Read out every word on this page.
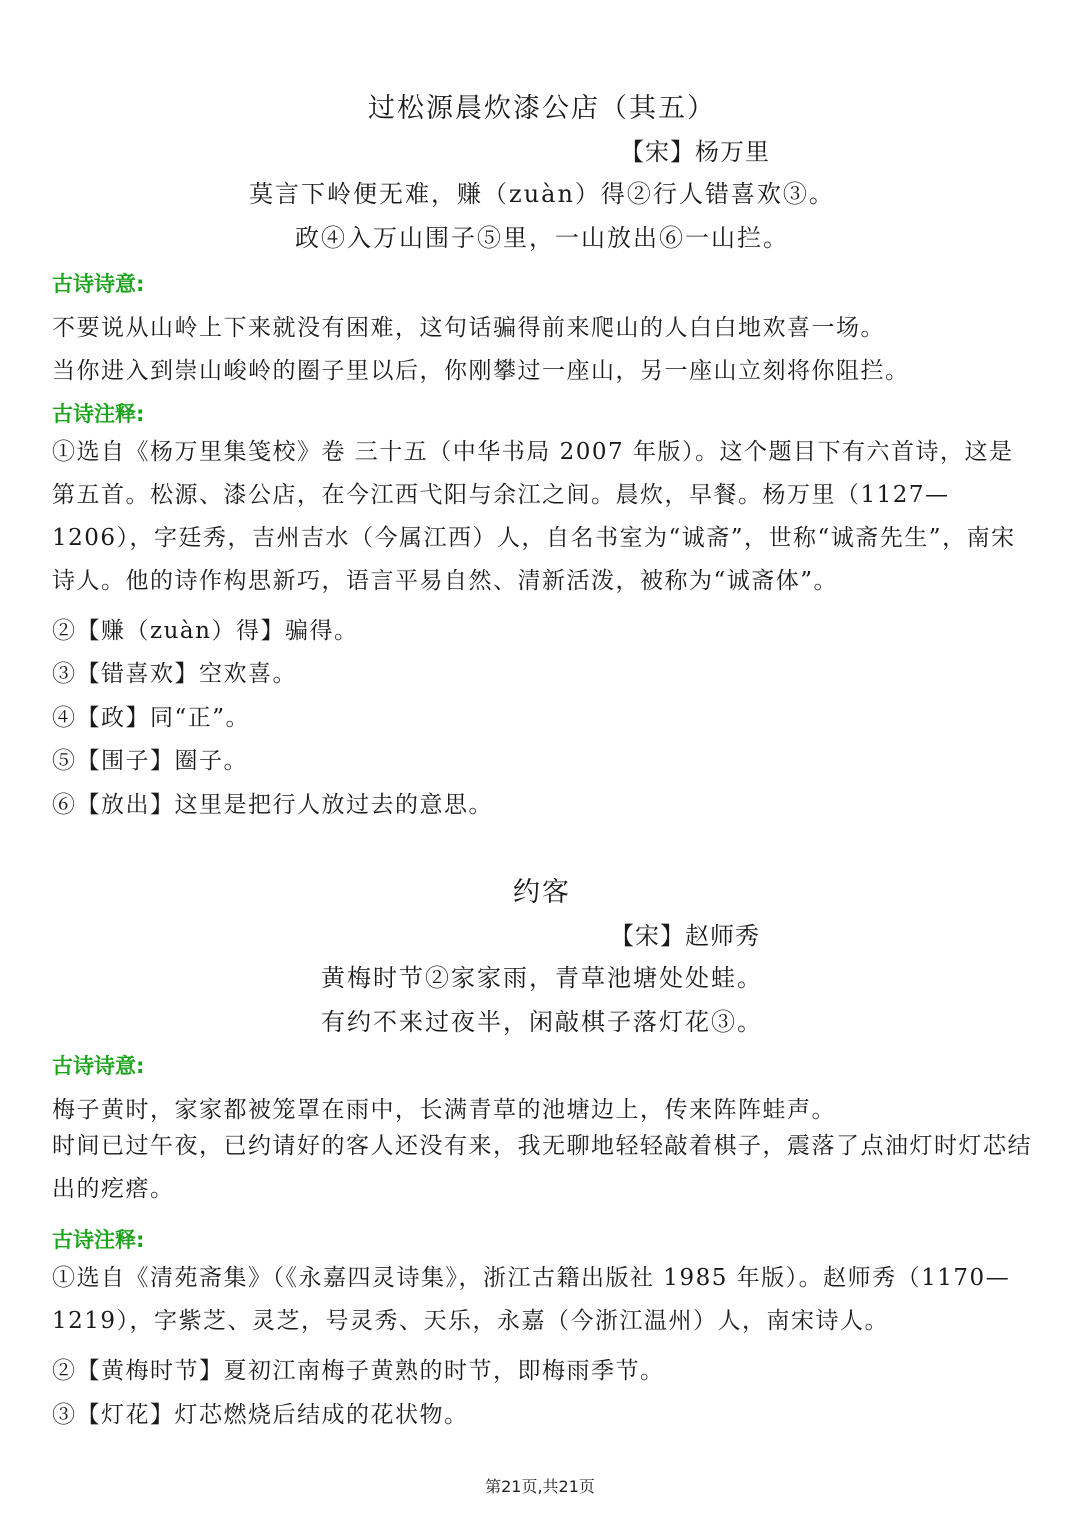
过松源晨炊漆公店（其五）
【宋】杨万里
莫言下岭便无难，赚（zuàn）得②行人错喜欢③。
政④入万山围子⑤里，一山放出⑥一山拦。
古诗诗意:
不要说从山岭上下来就没有困难，这句话骗得前来爬山的人白白地欢喜一场。
当你进入到崇山峻岭的圈子里以后，你刚攀过一座山，另一座山立刻将你阻拦。
古诗注释:
①选自《杨万里集笺校》卷 三十五（中华书局 2007 年版）。这个题目下有六首诗，这是第五首。松源、漆公店，在今江西弋阳与余江之间。晨炊，早餐。杨万里（1127—1206），字廷秀，吉州吉水（今属江西）人，自名书室为“诚斋”，世称“诚斋先生”，南宋诗人。他的诗作构思新巧，语言平易自然、清新活泼，被称为“诚斋体”。
②【赚（zuàn）得】骗得。
③【错喜欢】空欢喜。
④【政】同“正”。
⑤【围子】圈子。
⑥【放出】这里是把行人放过去的意思。
约客
【宋】赵师秀
黄梅时节②家家雨，青草池塘处处蛙。
有约不来过夜半，闲敲棋子落灯花③。
古诗诗意:
梅子黄时，家家都被笼罩在雨中，长满青草的池塘边上，传来阵阵蛙声。
时间已过午夜，已约请好的客人还没有来，我无聊地轻轻敲着棋子，震落了点油灯时灯芯结出的疙瘩。
古诗注释:
①选自《清苑斋集》（《永嘉四灵诗集》，浙江古籍出版社 1985 年版）。赵师秀（1170—1219），字紫芝、灵芝，号灵秀、天乐，永嘉（今浙江温州）人，南宋诗人。
②【黄梅时节】夏初江南梅子黄熟的时节，即梅雨季节。
③【灯花】灯芯燃烧后结成的花状物。
第21页,共21页
